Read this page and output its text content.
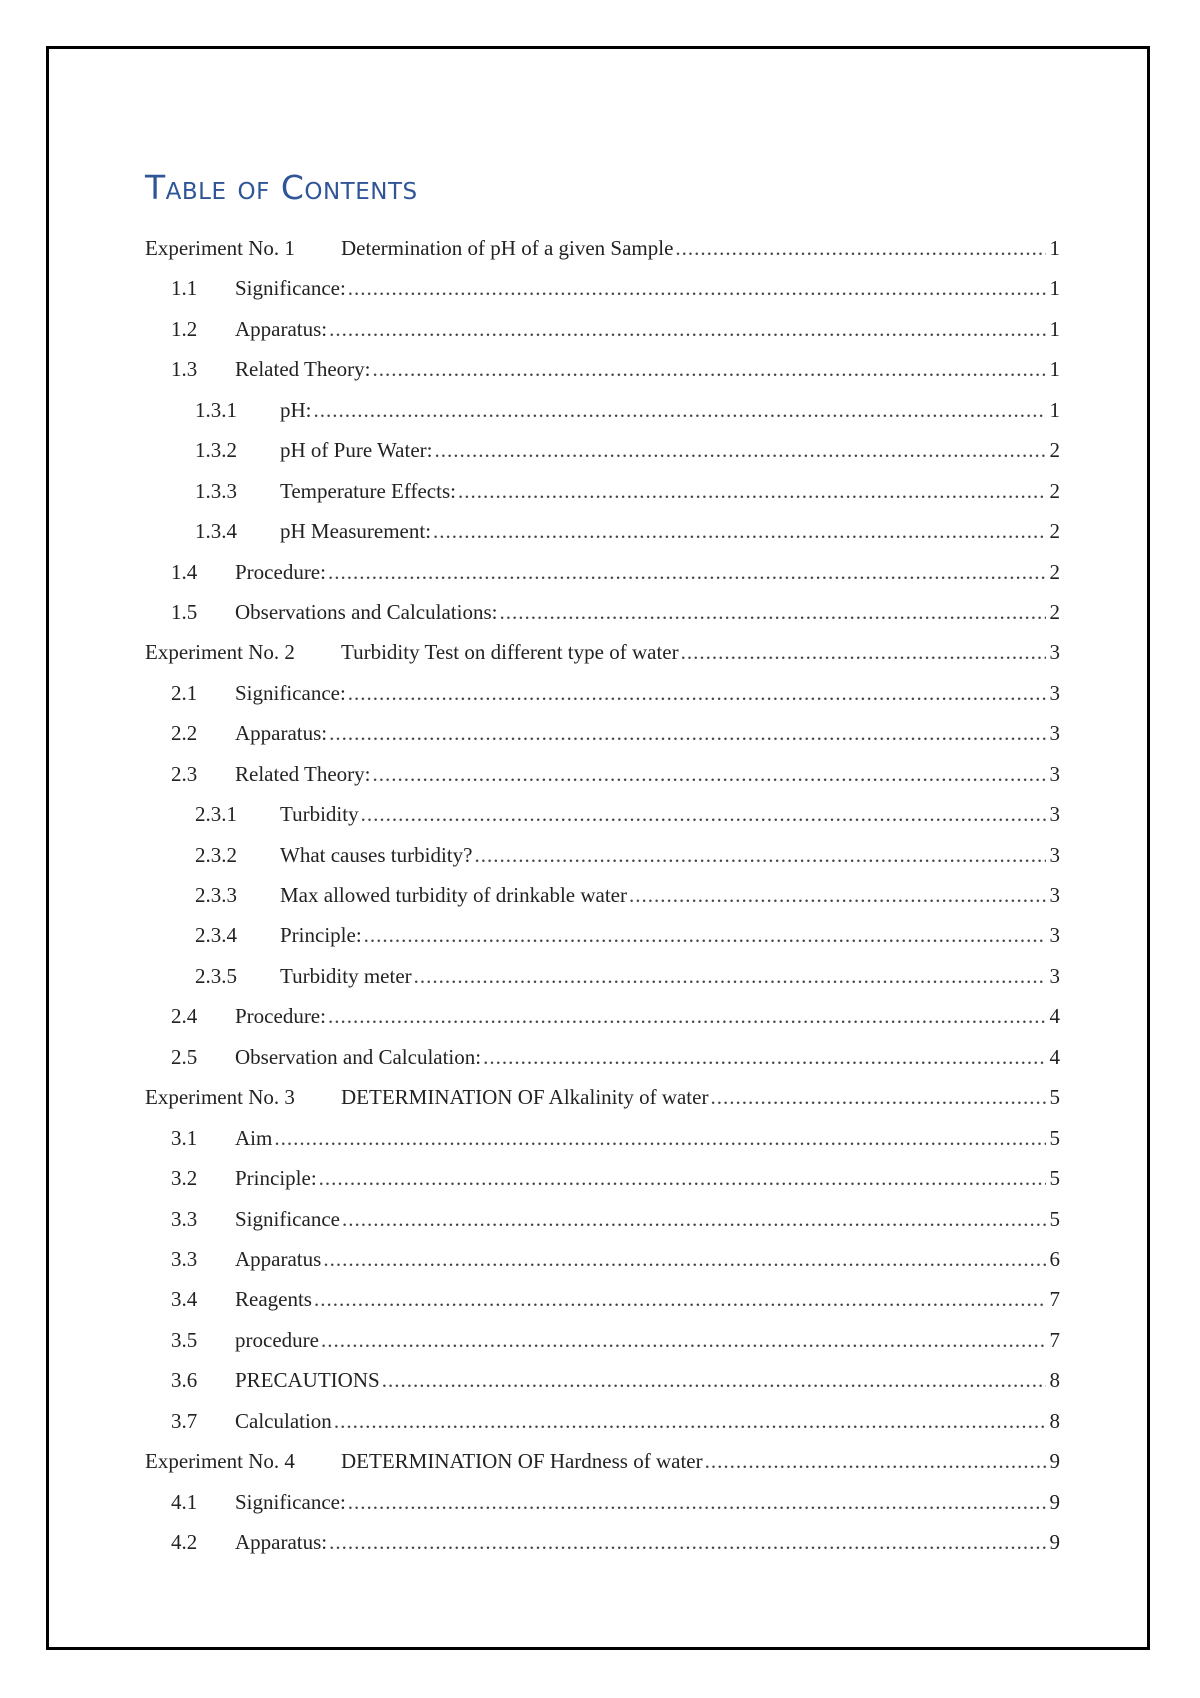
Table of Contents
Experiment No. 1	Determination of pH of a given Sample .....	1
1.1	Significance: .....	1
1.2	Apparatus: .....	1
1.3	Related Theory: .....	1
1.3.1	pH: .....	1
1.3.2	pH of Pure Water: .....	2
1.3.3	Temperature Effects: .....	2
1.3.4	pH Measurement: .....	2
1.4	Procedure: .....	2
1.5	Observations and Calculations: .....	2
Experiment No. 2	Turbidity Test on different type of water .....	3
2.1	Significance: .....	3
2.2	Apparatus: .....	3
2.3	Related Theory: .....	3
2.3.1	Turbidity .....	3
2.3.2	What causes turbidity? .....	3
2.3.3	Max allowed turbidity of drinkable water .....	3
2.3.4	Principle: .....	3
2.3.5	Turbidity meter .....	3
2.4	Procedure: .....	4
2.5	Observation and Calculation: .....	4
Experiment No. 3	DETERMINATION OF Alkalinity of water .....	5
3.1	Aim .....	5
3.2	Principle: .....	5
3.3	Significance .....	5
3.3	Apparatus .....	6
3.4	Reagents .....	7
3.5	procedure .....	7
3.6	PRECAUTIONS .....	8
3.7	Calculation .....	8
Experiment No. 4	DETERMINATION OF Hardness of water .....	9
4.1	Significance: .....	9
4.2	Apparatus: .....	9
